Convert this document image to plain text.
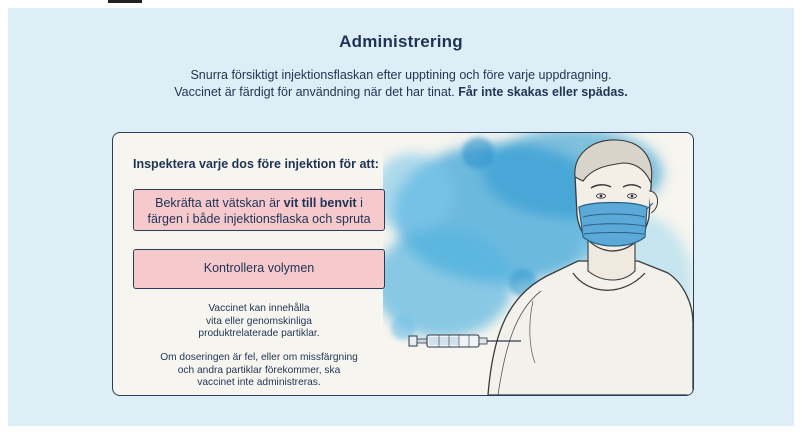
Administrering
Snurra försiktigt injektionsflaskan efter upptining och före varje uppdragning.
Vaccinet är färdigt för användning när det har tinat. Får inte skakas eller spädas.
Inspektera varje dos före injektion för att:
Bekräfta att vätskan är vit till benvit i
färgen i både injektionsflaska och spruta
Kontrollera volymen
Vaccinet kan innehålla
vita eller genomskinliga
produktrelaterade partiklar.
Om doseringen är fel, eller om missfärgning
och andra partiklar förekommer, ska
vaccinet inte administreras.
